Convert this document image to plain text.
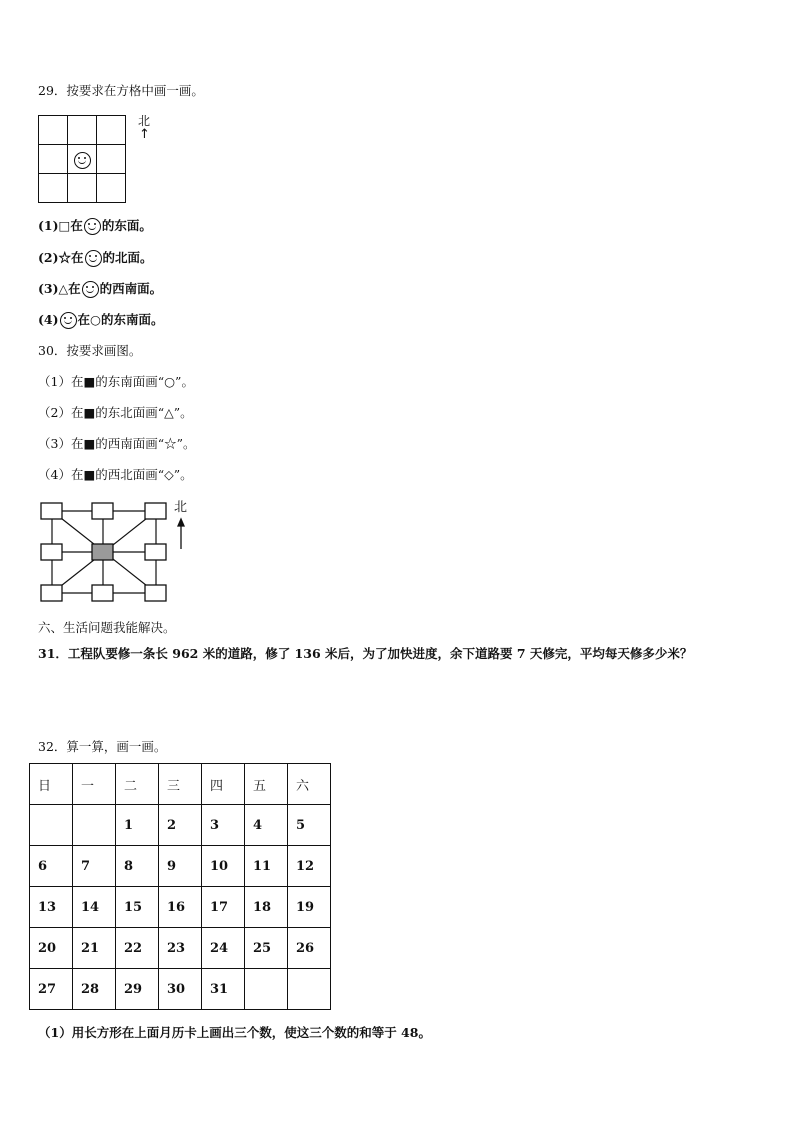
29．按要求在方格中画一画。

北
↑
(1)□在 的东面。
(2)☆在 的北面。
(3)△在 的西南面。
(4) 在○的东南面。
30．按要求画图。
（1）在■的东南面画“○”。
（2）在■的东北面画“△”。
（3）在■的西南面画“☆”。
（4）在■的西北面画“◇”。
北
六、生活问题我能解决。
31．工程队要修一条长 962 米的道路，修了 136 米后，为了加快进度，余下道路要 7 天修完，平均每天修多少米？
32．算一算，画一画。
日	一	二	三	四	五	六
		1	2	3	4	5
6	7	8	9	10	11	12
13	14	15	16	17	18	19
20	21	22	23	24	25	26
27	28	29	30	31		
（1）用长方形在上面月历卡上画出三个数，使这三个数的和等于 48。
